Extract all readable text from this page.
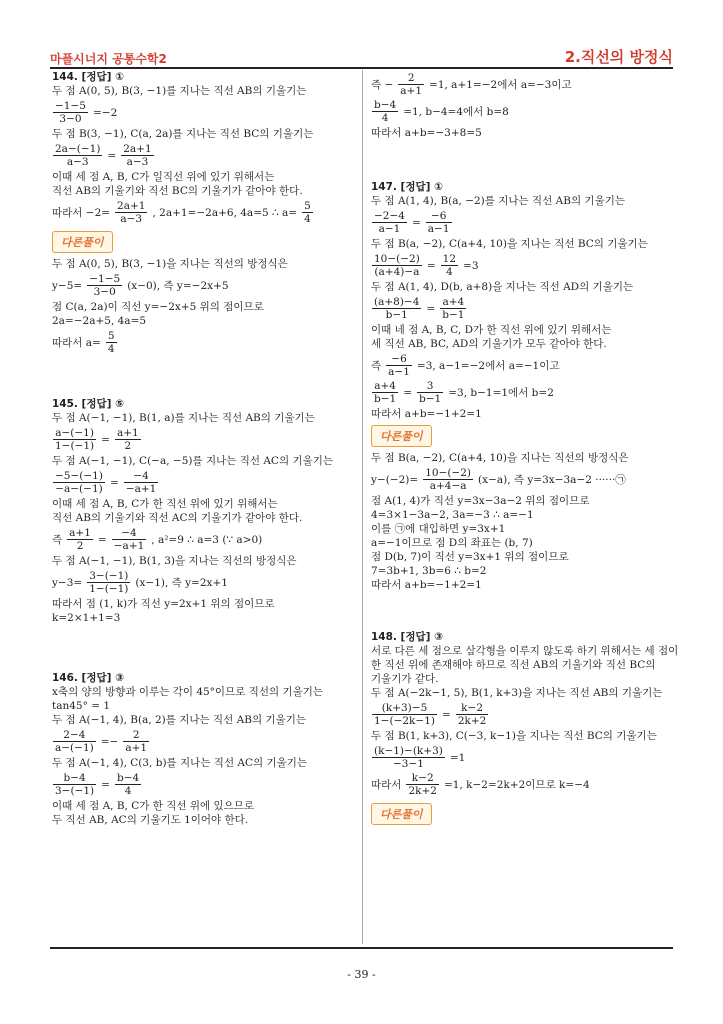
마플시너지 공통수학2	2.직선의 방정식
144. [정답] ①
두 점 A(0, 5), B(3, −1)를 지나는 직선 AB의 기울기는
$\frac{-1-5}{3-0} =-2$
두 점 B(3, −1), C(a, 2a)를 지나는 직선 BC의 기울기는
$\frac{2a-(-1)}{a-3} = \frac{2a+1}{a-3}$
이때 세 점 A, B, C가 일직선 위에 있기 위해서는
직선 AB의 기울기와 직선 BC의 기울기가 같아야 한다.
따라서 $-2= \frac{2a+1}{a-3}$ , 2a+1=−2a+6, 4a=5 ∴ $a= \frac{5}{4}$
다른풀이
두 점 A(0, 5), B(3, −1)을 지나는 직선의 방정식은
$y-5= \frac{-1-5}{3-0} (x-0)$, 즉 y=−2x+5
점 C(a, 2a)이 직선 y=−2x+5 위의 점이므로
2a=−2a+5, 4a=5
따라서 $a= \frac{5}{4}$
145. [정답] ⑤
두 점 A(−1, −1), B(1, a)를 지나는 직선 AB의 기울기는
$\frac{a-(-1)}{1-(-1)} = \frac{a+1}{2}$
두 점 A(−1, −1), C(−a, −5)를 지나는 직선 AC의 기울기는
$\frac{-5-(-1)}{-a-(-1)} = \frac{-4}{-a+1}$
이때 세 점 A, B, C가 한 직선 위에 있기 위해서는
직선 AB의 기울기와 직선 AC의 기울기가 같아야 한다.
즉 $\frac{a+1}{2} = \frac{-4}{-a+1}$ , a²=9 ∴ a=3 (∵ a>0)
두 점 A(−1, −1), B(1, 3)을 지나는 직선의 방정식은
$y-3= \frac{3-(-1)}{1-(-1)} (x-1)$, 즉 y=2x+1
따라서 점 (1, k)가 직선 y=2x+1 위의 점이므로
k=2×1+1=3
146. [정답] ③
x축의 양의 방향과 이루는 각이 45°이므로 직선의 기울기는
tan45° = 1
두 점 A(−1, 4), B(a, 2)를 지나는 직선 AB의 기울기는
$\frac{2-4}{a-(-1)} =- \frac{2}{a+1}$
두 점 A(−1, 4), C(3, b)를 지나는 직선 AC의 기울기는
$\frac{b-4}{3-(-1)} = \frac{b-4}{4}$
이때 세 점 A, B, C가 한 직선 위에 있으므로
두 직선 AB, AC의 기울기도 1이어야 한다.
즉 − $\frac{2}{a+1} =1$, a+1=−2에서 a=−3이고
$\frac{b-4}{4} =1$, b−4=4에서 b=8
따라서 a+b=−3+8=5
147. [정답] ①
두 점 A(1, 4), B(a, −2)를 지나는 직선 AB의 기울기는
$\frac{-2-4}{a-1} = \frac{-6}{a-1}$
두 점 B(a, −2), C(a+4, 10)을 지나는 직선 BC의 기울기는
$\frac{10-(-2)}{(a+4)-a} = \frac{12}{4} =3$
두 점 A(1, 4), D(b, a+8)을 지나는 직선 AD의 기울기는
$\frac{(a+8)-4}{b-1} = \frac{a+4}{b-1}$
이때 네 점 A, B, C, D가 한 직선 위에 있기 위해서는
세 직선 AB, BC, AD의 기울기가 모두 같아야 한다.
즉 $\frac{-6}{a-1} =3$, a−1=−2에서 a=−1이고
$\frac{a+4}{b-1} = \frac{3}{b-1} =3$, b−1=1에서 b=2
따라서 a+b=−1+2=1
다른풀이
두 점 B(a, −2), C(a+4, 10)을 지나는 직선의 방정식은
$y-(-2)= \frac{10-(-2)}{a+4-a} (x-a)$, 즉 y=3x−3a−2 ······㉠
점 A(1, 4)가 직선 y=3x−3a−2 위의 점이므로
4=3×1−3a−2, 3a=−3 ∴ a=−1
이를 ㉠에 대입하면 y=3x+1
a=−1이므로 점 D의 좌표는 (b, 7)
점 D(b, 7)이 직선 y=3x+1 위의 점이므로
7=3b+1, 3b=6 ∴ b=2
따라서 a+b=−1+2=1
148. [정답] ③
서로 다른 세 점으로 삼각형을 이루지 않도록 하기 위해서는 세 점이
한 직선 위에 존재해야 하므로 직선 AB의 기울기와 직선 BC의
기울기가 같다.
두 점 A(−2k−1, 5), B(1, k+3)을 지나는 직선 AB의 기울기는
$\frac{(k+3)-5}{1-(-2k-1)} = \frac{k-2}{2k+2}$
두 점 B(1, k+3), C(−3, k−1)을 지나는 직선 BC의 기울기는
$\frac{(k-1)-(k+3)}{-3-1} =1$
따라서 $\frac{k-2}{2k+2} =1$, k−2=2k+2이므로 k=−4
다른풀이
- 39 -
